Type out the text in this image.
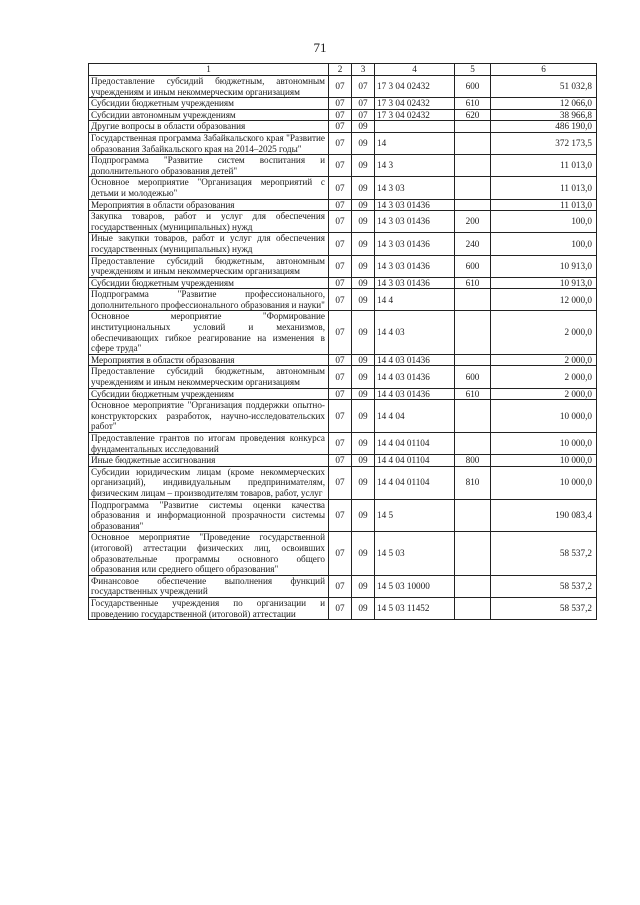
71
1	2	3	4	5	6
Предоставление субсидий бюджетным, автономным учреждениям и иным некоммерческим организациям	07	07	17 3 04 02432	600	51 032,8
Субсидии бюджетным учреждениям	07	07	17 3 04 02432	610	12 066,0
Субсидии автономным учреждениям	07	07	17 3 04 02432	620	38 966,8
Другие вопросы в области образования	07	09			486 190,0
Государственная программа Забайкальского края "Развитие образования Забайкальского края на 2014–2025 годы"	07	09	14		372 173,5
Подпрограмма "Развитие систем воспитания и дополнительного образования детей"	07	09	14 3		11 013,0
Основное мероприятие "Организация мероприятий с детьми и молодежью"	07	09	14 3 03		11 013,0
Мероприятия в области образования	07	09	14 3 03 01436		11 013,0
Закупка товаров, работ и услуг для обеспечения государственных (муниципальных) нужд	07	09	14 3 03 01436	200	100,0
Иные закупки товаров, работ и услуг для обеспечения государственных (муниципальных) нужд	07	09	14 3 03 01436	240	100,0
Предоставление субсидий бюджетным, автономным учреждениям и иным некоммерческим организациям	07	09	14 3 03 01436	600	10 913,0
Субсидии бюджетным учреждениям	07	09	14 3 03 01436	610	10 913,0
Подпрограмма "Развитие профессионального, дополнительного профессионального образования и науки"	07	09	14 4		12 000,0
Основное мероприятие "Формирование институциональных условий и механизмов, обеспечивающих гибкое реагирование на изменения в сфере труда"	07	09	14 4 03		2 000,0
Мероприятия в области образования	07	09	14 4 03 01436		2 000,0
Предоставление субсидий бюджетным, автономным учреждениям и иным некоммерческим организациям	07	09	14 4 03 01436	600	2 000,0
Субсидии бюджетным учреждениям	07	09	14 4 03 01436	610	2 000,0
Основное мероприятие "Организация поддержки опытно-конструкторских разработок, научно-исследовательских работ"	07	09	14 4 04		10 000,0
Предоставление грантов по итогам проведения конкурса фундаментальных исследований	07	09	14 4 04 01104		10 000,0
Иные бюджетные ассигнования	07	09	14 4 04 01104	800	10 000,0
Субсидии юридическим лицам (кроме некоммерческих организаций), индивидуальным предпринимателям, физическим лицам – производителям товаров, работ, услуг	07	09	14 4 04 01104	810	10 000,0
Подпрограмма "Развитие системы оценки качества образования и информационной прозрачности системы образования"	07	09	14 5		190 083,4
Основное мероприятие "Проведение государственной (итоговой) аттестации физических лиц, освоивших образовательные программы основного общего образования или среднего общего образования"	07	09	14 5 03		58 537,2
Финансовое обеспечение выполнения функций государственных учреждений	07	09	14 5 03 10000		58 537,2
Государственные учреждения по организации и проведению государственной (итоговой) аттестации	07	09	14 5 03 11452		58 537,2
